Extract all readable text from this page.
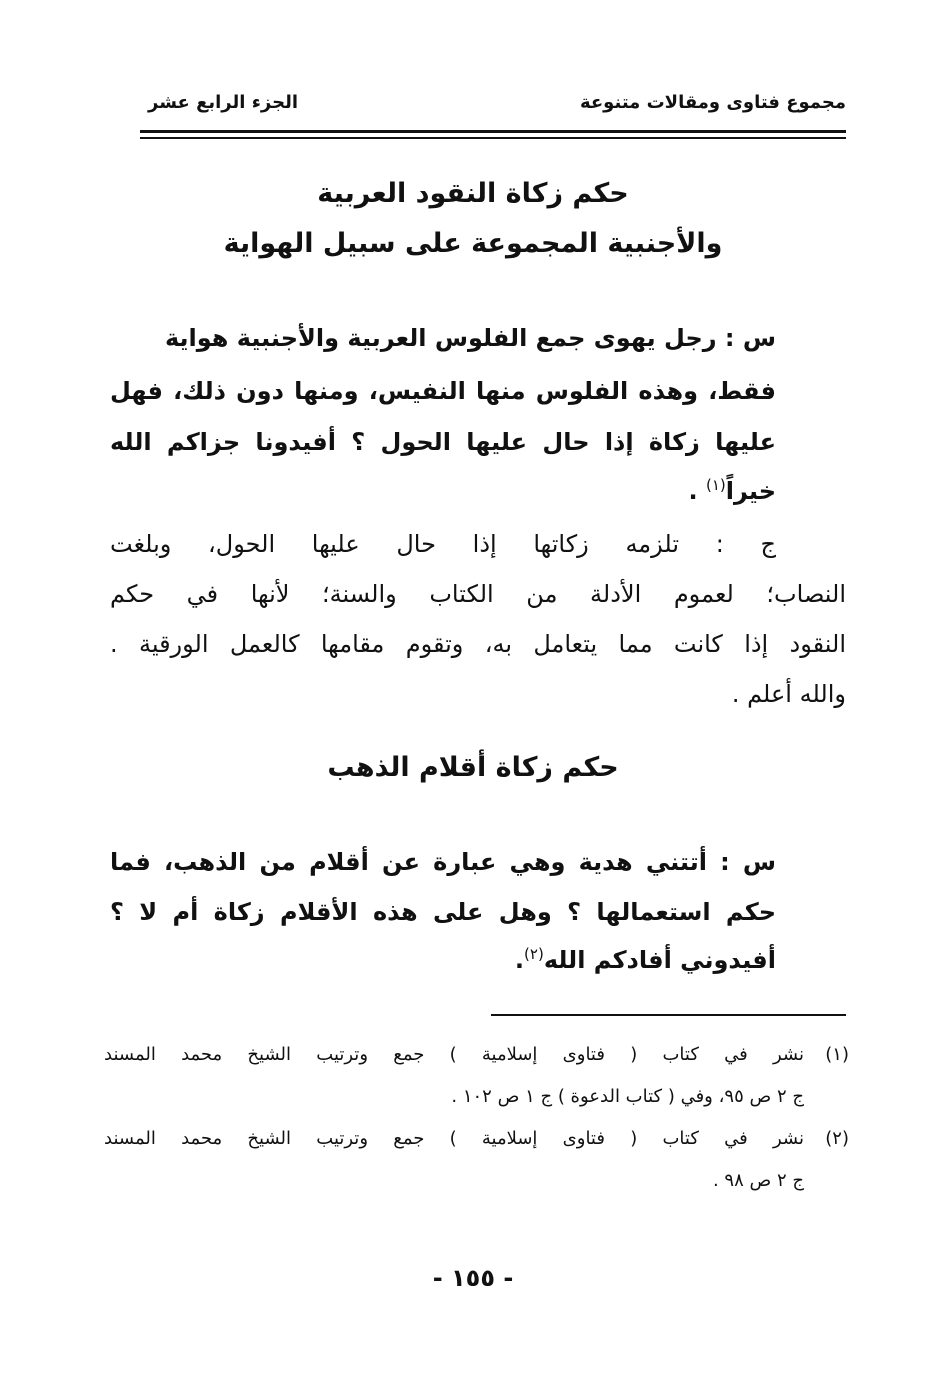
مجموع فتاوى ومقالات متنوعة
الجزء الرابع عشر
حكم زكاة النقود العربية
والأجنبية المجموعة على سبيل الهواية
س : رجل يهوى جمع الفلوس العربية والأجنبية هواية
فقط، وهذه الفلوس منها النفيس، ومنها دون ذلك، فهل
عليها زكاة إذا حال عليها الحول ؟ أفيدونا جزاكم الله
خيراً$^{(١)}$ .
ج : تلزمه زكاتها إذا حال عليها الحول، وبلغت
النصاب؛ لعموم الأدلة من الكتاب والسنة؛ لأنها في حكم
النقود إذا كانت مما يتعامل به، وتقوم مقامها كالعمل الورقية .
والله أعلم .
حكم زكاة أقلام الذهب
س : أتتني هدية وهي عبارة عن أقلام من الذهب، فما
حكم استعمالها ؟ وهل على هذه الأقلام زكاة أم لا ؟
أفيدوني أفادكم الله$^{(٢)}$.
(١)
نشر في كتاب ( فتاوى إسلامية ) جمع وترتيب الشيخ محمد المسند
ج ٢ ص ٩٥، وفي ( كتاب الدعوة ) ج ١ ص ١٠٢ .
(٢)
نشر في كتاب ( فتاوى إسلامية ) جمع وترتيب الشيخ محمد المسند
ج ٢ ص ٩٨ .
- ١٥٥ -
